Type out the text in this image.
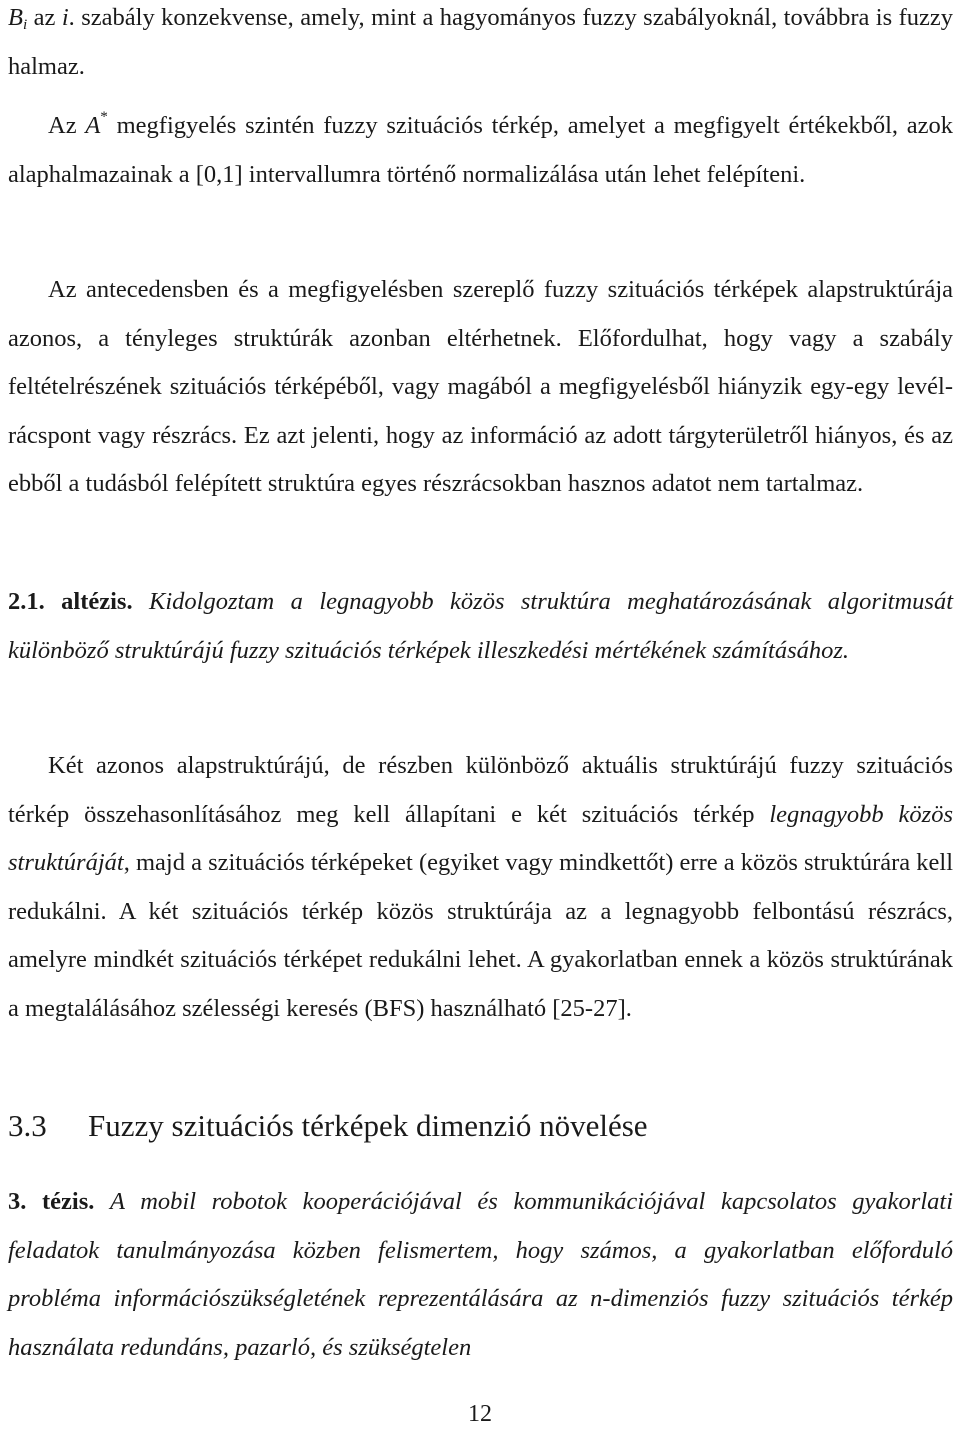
$B_i$ az i. szabály konzekvense, amely, mint a hagyományos fuzzy szabályoknál, továbbra is fuzzy halmaz.

Az A* megfigyelés szintén fuzzy szituációs térkép, amelyet a megfigyelt értékekből, azok alaphalmazainak a [0,1] intervallumra történő normalizálása után lehet felépíteni.

Az antecedensben és a megfigyelésben szereplő fuzzy szituációs térképek alapstruktúrája azonos, a tényleges struktúrák azonban eltérhetnek. Előfordulhat, hogy vagy a szabály feltételrészének szituációs térképéből, vagy magából a megfigyelésből hiányzik egy-egy levél-rácspont vagy részrács. Ez azt jelenti, hogy az információ az adott tárgyterületről hiányos, és az ebből a tudásból felépített struktúra egyes részrácsokban hasznos adatot nem tartalmaz.

2.1. altézis. Kidolgoztam a legnagyobb közös struktúra meghatározásának algoritmusát különböző struktúrájú fuzzy szituációs térképek illeszkedési mértékének számításához.

Két azonos alapstruktúrájú, de részben különböző aktuális struktúrájú fuzzy szituációs térkép összehasonlításához meg kell állapítani e két szituációs térkép legnagyobb közös struktúráját, majd a szituációs térképeket (egyiket vagy mindkettőt) erre a közös struktúrára kell redukálni. A két szituációs térkép közös struktúrája az a legnagyobb felbontású részrács, amelyre mindkét szituációs térképet redukálni lehet. A gyakorlatban ennek a közös struktúrának a megtalálásához szélességi keresés (BFS) használható [25-27].

3.3 Fuzzy szituációs térképek dimenzió növelése

3. tézis. A mobil robotok kooperációjával és kommunikációjával kapcsolatos gyakorlati feladatok tanulmányozása közben felismertem, hogy számos, a gyakorlatban előforduló probléma információszükségletének reprezentálására az n-dimenziós fuzzy szituációs térkép használata redundáns, pazarló, és szükségtelen

12
